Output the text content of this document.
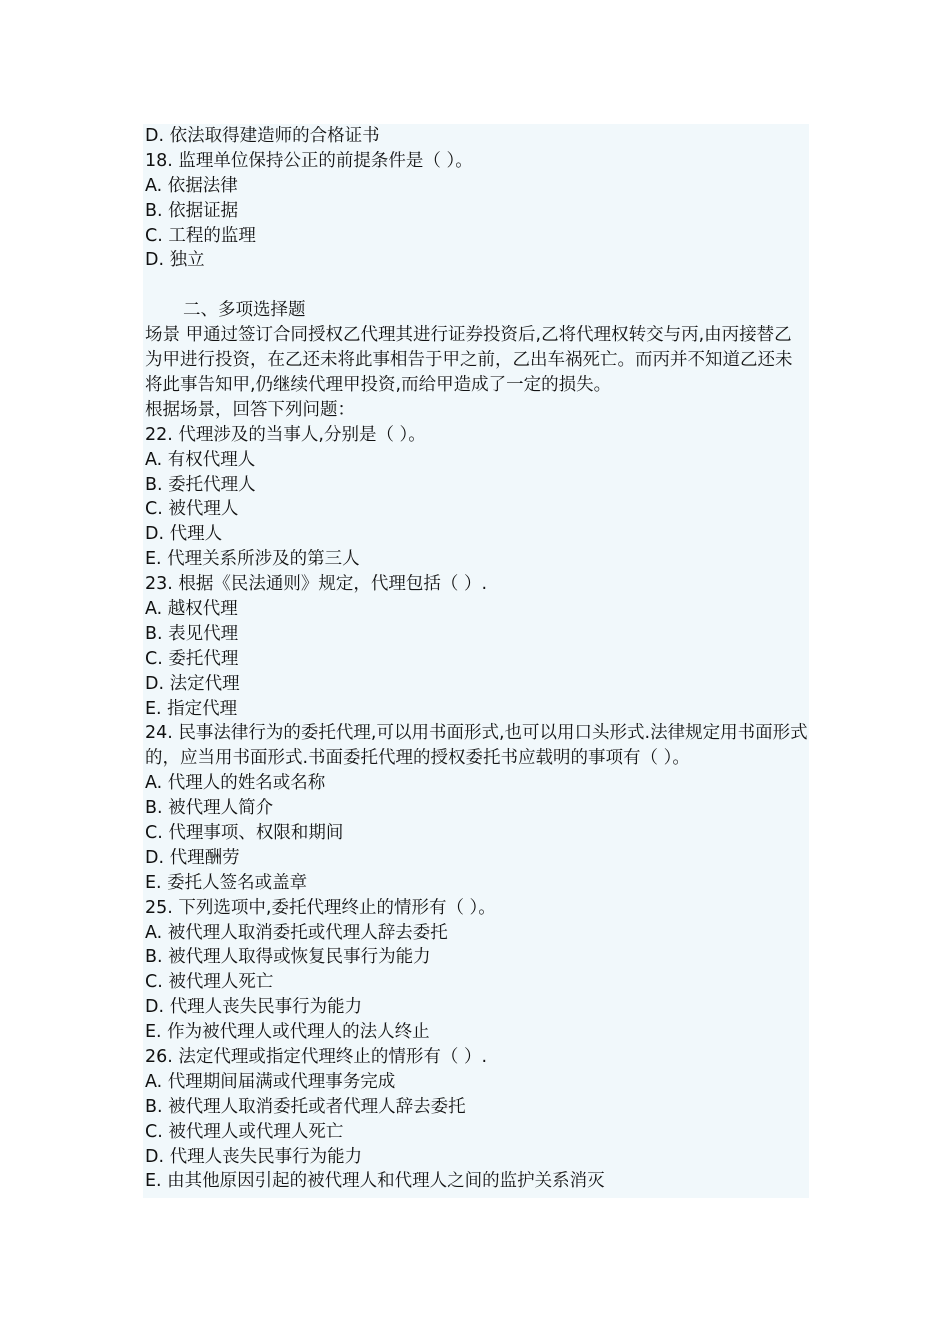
D. 依法取得建造师的合格证书
18. 监理单位保持公正的前提条件是（ ）。
A. 依据法律
B. 依据证据
C. 工程的监理
D. 独立
二、多项选择题
场景 甲通过签订合同授权乙代理其进行证券投资后,乙将代理权转交与丙,由丙接替乙为甲进行投资，在乙还未将此事相告于甲之前，乙出车祸死亡。而丙并不知道乙还未将此事告知甲,仍继续代理甲投资,而给甲造成了一定的损失。
根据场景，回答下列问题：
22. 代理涉及的当事人,分别是（ ）。
A. 有权代理人
B. 委托代理人
C. 被代理人
D. 代理人
E. 代理关系所涉及的第三人
23. 根据《民法通则》规定，代理包括（ ）.
A. 越权代理
B. 表见代理
C. 委托代理
D. 法定代理
E. 指定代理
24. 民事法律行为的委托代理,可以用书面形式,也可以用口头形式.法律规定用书面形式 的，应当用书面形式.书面委托代理的授权委托书应载明的事项有（ ）。
A. 代理人的姓名或名称
B. 被代理人简介
C. 代理事项、权限和期间
D. 代理酬劳
E. 委托人签名或盖章
25. 下列选项中,委托代理终止的情形有（ ）。
A. 被代理人取消委托或代理人辞去委托
B. 被代理人取得或恢复民事行为能力
C. 被代理人死亡
D. 代理人丧失民事行为能力
E. 作为被代理人或代理人的法人终止
26. 法定代理或指定代理终止的情形有（ ）.
A. 代理期间届满或代理事务完成
B. 被代理人取消委托或者代理人辞去委托
C. 被代理人或代理人死亡
D. 代理人丧失民事行为能力
E. 由其他原因引起的被代理人和代理人之间的监护关系消灭
